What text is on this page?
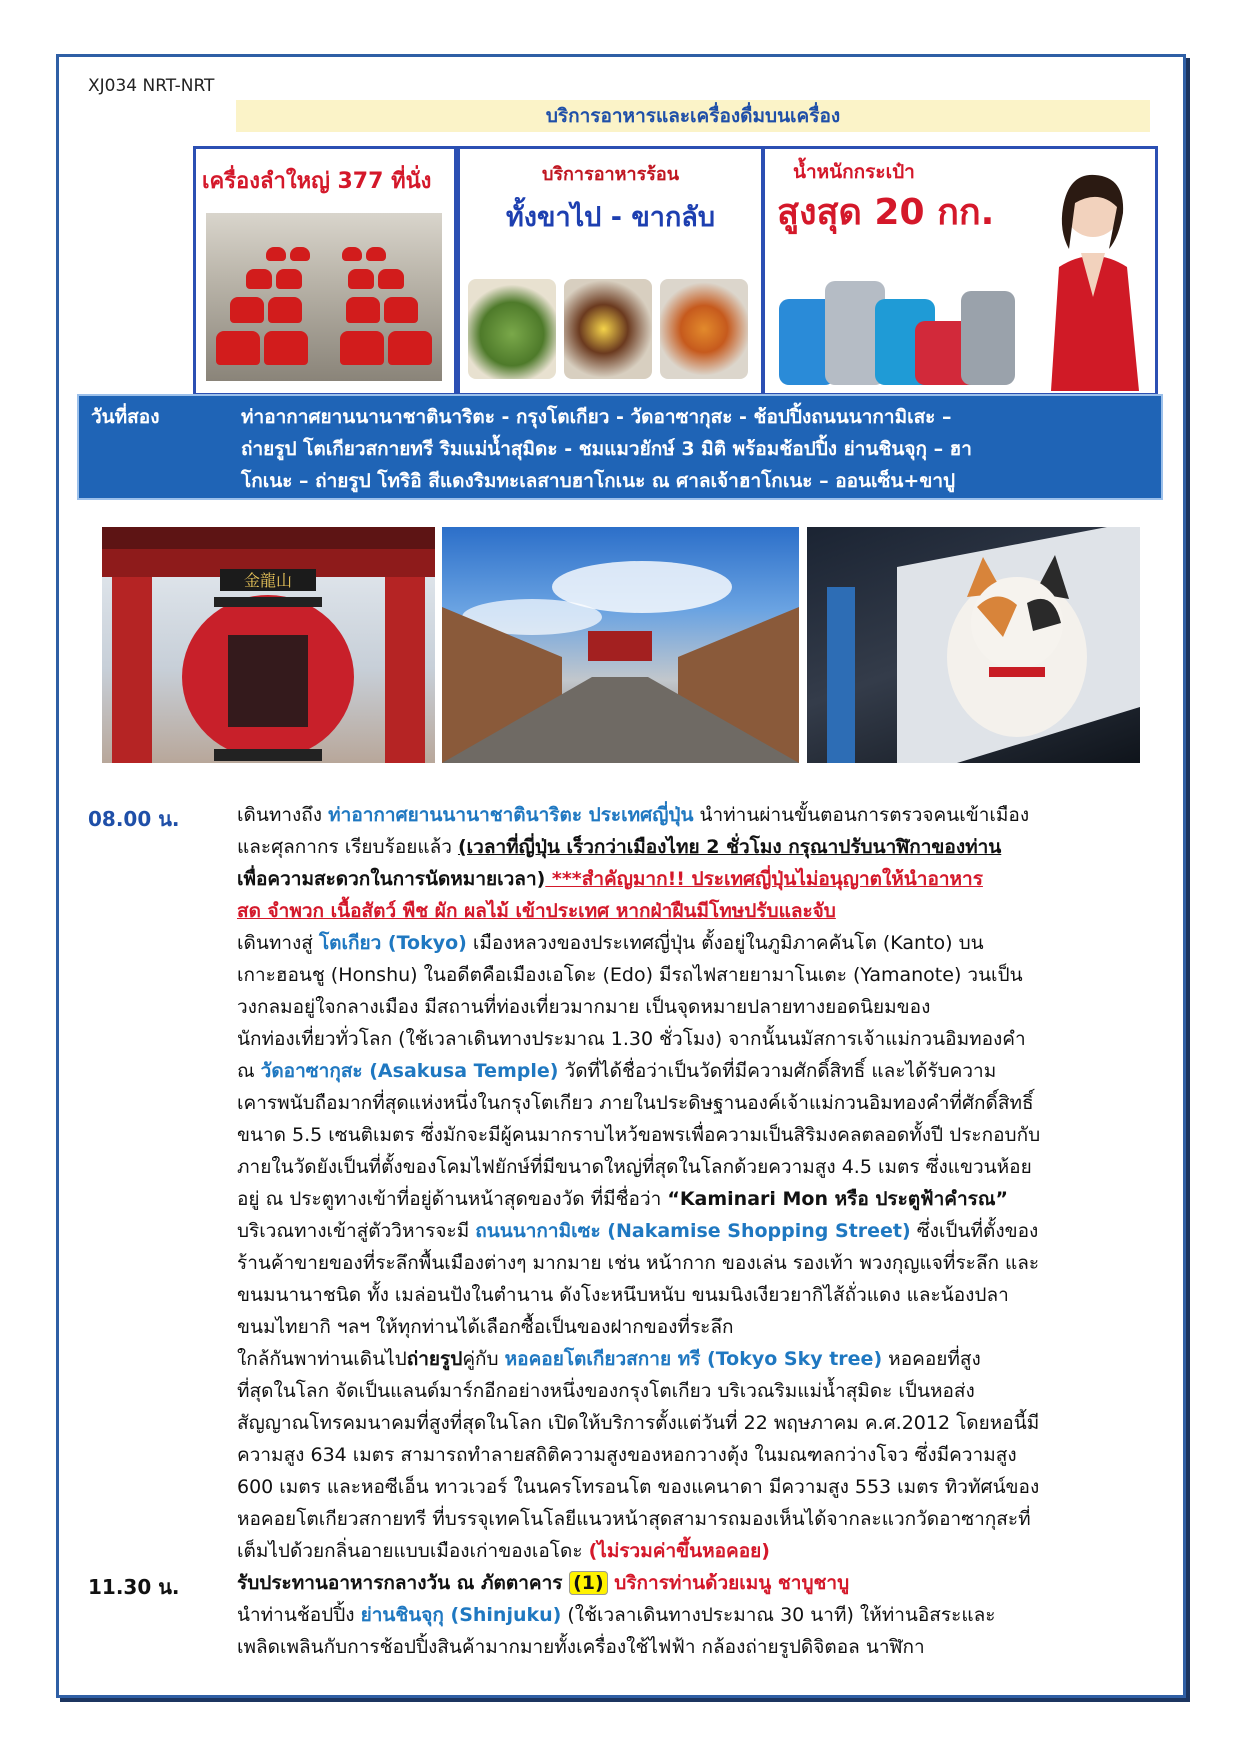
XJ034 NRT-NRT
บริการอาหารและเครื่องดื่มบนเครื่อง
เครื่องลำใหญ่ 377 ที่นั่ง	บริการอาหารร้อน
ทั้งขาไป - ขากลับ
น้ำหนักกระเป๋า
สูงสุด 20 กก.
วันที่สอง	ท่าอากาศยานนานาชาตินาริตะ - กรุงโตเกียว - วัดอาซากุสะ - ช้อปปิ้งถนนนากามิเสะ –
ถ่ายรูป โตเกียวสกายทรี ริมแม่น้ำสุมิดะ - ชมแมวยักษ์ 3 มิติ พร้อมช้อปปิ้ง ย่านชินจุกุ – ฮา
โกเนะ – ถ่ายรูป โทริอิ สีแดงริมทะเลสาบฮาโกเนะ ณ ศาลเจ้าฮาโกเนะ – ออนเซ็น+ขาปู
金龍山
08.00 น.	เดินทางถึง ท่าอากาศยานนานาชาตินาริตะ ประเทศญี่ปุ่น นำท่านผ่านขั้นตอนการตรวจคนเข้าเมือง
และศุลกากร เรียบร้อยแล้ว (เวลาที่ญี่ปุ่น เร็วกว่าเมืองไทย 2 ชั่วโมง กรุณาปรับนาฬิกาของท่าน
เพื่อความสะดวกในการนัดหมายเวลา) ***สำคัญมาก!! ประเทศญี่ปุ่นไม่อนุญาตให้นำอาหาร
สด จำพวก เนื้อสัตว์ พืช ผัก ผลไม้ เข้าประเทศ หากฝ่าฝืนมีโทษปรับและจับ
เดินทางสู่ โตเกียว (Tokyo) เมืองหลวงของประเทศญี่ปุ่น ตั้งอยู่ในภูมิภาคคันโต (Kanto) บน
เกาะฮอนชู (Honshu) ในอดีตคือเมืองเอโดะ (Edo) มีรถไฟสายยามาโนเตะ (Yamanote) วนเป็น
วงกลมอยู่ใจกลางเมือง มีสถานที่ท่องเที่ยวมากมาย เป็นจุดหมายปลายทางยอดนิยมของ
นักท่องเที่ยวทั่วโลก (ใช้เวลาเดินทางประมาณ 1.30 ชั่วโมง) จากนั้นนมัสการเจ้าแม่กวนอิมทองคำ
ณ วัดอาซากุสะ (Asakusa Temple) วัดที่ได้ชื่อว่าเป็นวัดที่มีความศักดิ์สิทธิ์ และได้รับความ
เคารพนับถือมากที่สุดแห่งหนึ่งในกรุงโตเกียว ภายในประดิษฐานองค์เจ้าแม่กวนอิมทองคำที่ศักดิ์สิทธิ์
ขนาด 5.5 เซนติเมตร ซึ่งมักจะมีผู้คนมากราบไหว้ขอพรเพื่อความเป็นสิริมงคลตลอดทั้งปี ประกอบกับ
ภายในวัดยังเป็นที่ตั้งของโคมไฟยักษ์ที่มีขนาดใหญ่ที่สุดในโลกด้วยความสูง 4.5 เมตร ซึ่งแขวนห้อย
อยู่ ณ ประตูทางเข้าที่อยู่ด้านหน้าสุดของวัด ที่มีชื่อว่า “Kaminari Mon หรือ ประตูฟ้าคำรณ”
บริเวณทางเข้าสู่ตัววิหารจะมี ถนนนากามิเซะ (Nakamise Shopping Street) ซึ่งเป็นที่ตั้งของ
ร้านค้าขายของที่ระลึกพื้นเมืองต่างๆ มากมาย เช่น หน้ากาก ของเล่น รองเท้า พวงกุญแจที่ระลึก และ
ขนมนานาชนิด ทั้ง เมล่อนปังในตำนาน ดังโงะหนึบหนับ ขนมนิงเงียวยากิไส้ถั่วแดง และน้องปลา
ขนมไทยากิ ฯลฯ ให้ทุกท่านได้เลือกซื้อเป็นของฝากของที่ระลึก
ใกล้กันพาท่านเดินไปถ่ายรูปคู่กับ หอคอยโตเกียวสกาย ทรี (Tokyo Sky tree) หอคอยที่สูง
ที่สุดในโลก จัดเป็นแลนด์มาร์กอีกอย่างหนึ่งของกรุงโตเกียว บริเวณริมแม่น้ำสุมิดะ เป็นหอส่ง
สัญญาณโทรคมนาคมที่สูงที่สุดในโลก เปิดให้บริการตั้งแต่วันที่ 22 พฤษภาคม ค.ศ.2012 โดยหอนี้มี
ความสูง 634 เมตร สามารถทำลายสถิติความสูงของหอกวางตุ้ง ในมณฑลกว่างโจว ซึ่งมีความสูง
600 เมตร และหอซีเอ็น ทาวเวอร์ ในนครโทรอนโต ของแคนาดา มีความสูง 553 เมตร ทิวทัศน์ของ
หอคอยโตเกียวสกายทรี ที่บรรจุเทคโนโลยีแนวหน้าสุดสามารถมองเห็นได้จากละแวกวัดอาซากุสะที่
เต็มไปด้วยกลิ่นอายแบบเมืองเก่าของเอโดะ (ไม่รวมค่าขึ้นหอคอย)
11.30 น.	รับประทานอาหารกลางวัน ณ ภัตตาคาร (1) บริการท่านด้วยเมนู ชาบูชาบู
นำท่านช้อปปิ้ง ย่านชินจุกุ (Shinjuku) (ใช้เวลาเดินทางประมาณ 30 นาที) ให้ท่านอิสระและ
เพลิดเพลินกับการช้อปปิ้งสินค้ามากมายทั้งเครื่องใช้ไฟฟ้า กล้องถ่ายรูปดิจิตอล นาฬิกา
